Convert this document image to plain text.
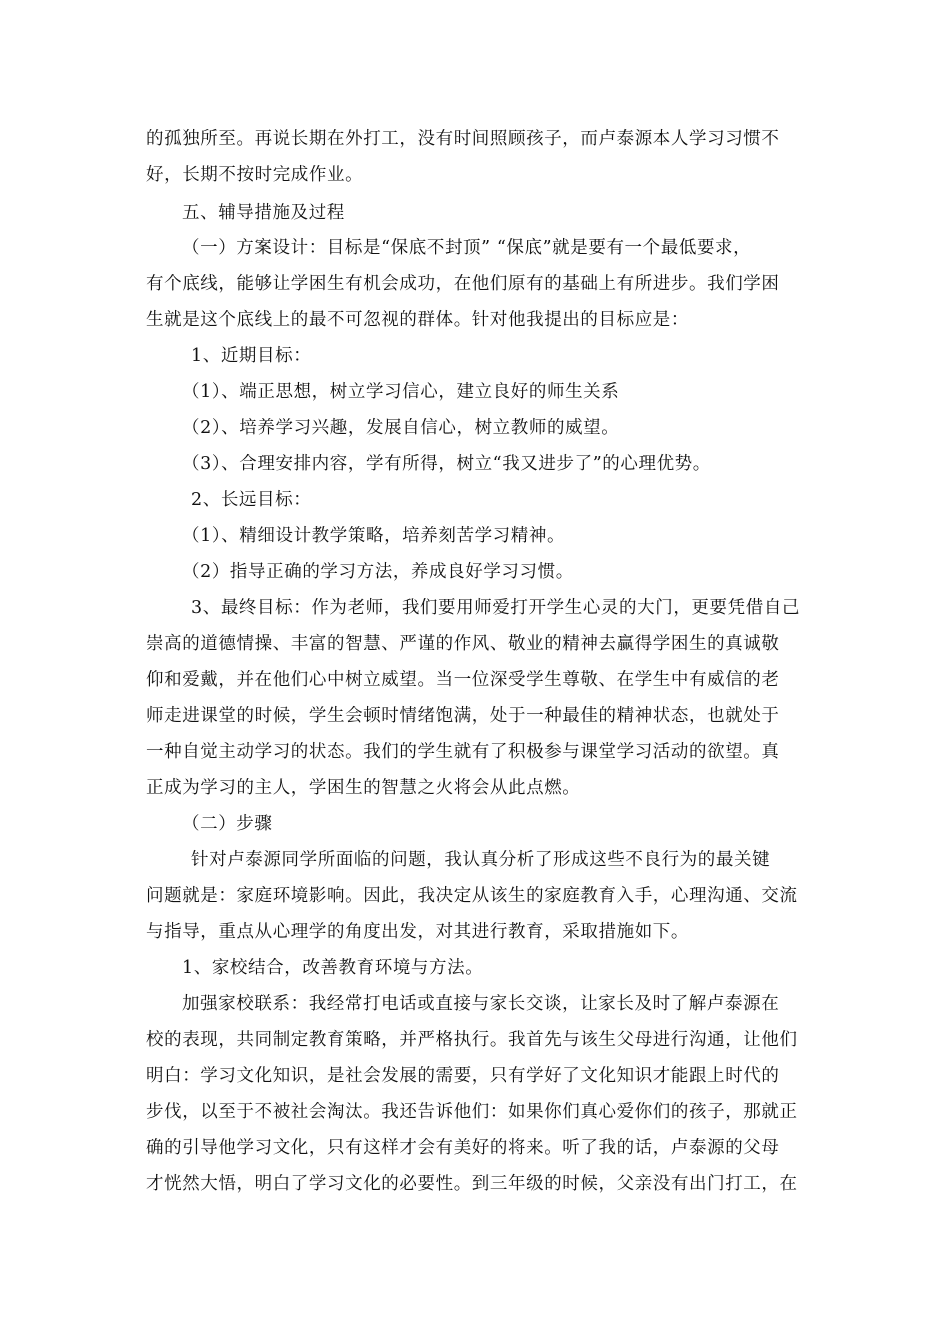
的孤独所至。再说长期在外打工，没有时间照顾孩子，而卢泰源本人学习习惯不
好，长期不按时完成作业。
五、辅导措施及过程
（一）方案设计：目标是“保底不封顶” “保底”就是要有一个最低要求，
有个底线，能够让学困生有机会成功，在他们原有的基础上有所进步。我们学困
生就是这个底线上的最不可忽视的群体。针对他我提出的目标应是：
1、近期目标：
（1）、端正思想，树立学习信心，建立良好的师生关系
（2）、培养学习兴趣，发展自信心，树立教师的威望。
（3）、合理安排内容，学有所得，树立“我又进步了”的心理优势。
2、长远目标：
（1）、精细设计教学策略，培养刻苦学习精神。
（2）指导正确的学习方法，养成良好学习习惯。
3、最终目标：作为老师，我们要用师爱打开学生心灵的大门，更要凭借自己
崇高的道德情操、丰富的智慧、严谨的作风、敬业的精神去赢得学困生的真诚敬
仰和爱戴，并在他们心中树立威望。当一位深受学生尊敬、在学生中有威信的老
师走进课堂的时候，学生会顿时情绪饱满，处于一种最佳的精神状态，也就处于
一种自觉主动学习的状态。我们的学生就有了积极参与课堂学习活动的欲望。真
正成为学习的主人，学困生的智慧之火将会从此点燃。
（二）步骤
针对卢泰源同学所面临的问题，我认真分析了形成这些不良行为的最关键
问题就是：家庭环境影响。因此，我决定从该生的家庭教育入手，心理沟通、交流
与指导，重点从心理学的角度出发，对其进行教育，采取措施如下。
1、家校结合，改善教育环境与方法。
加强家校联系：我经常打电话或直接与家长交谈，让家长及时了解卢泰源在
校的表现，共同制定教育策略，并严格执行。我首先与该生父母进行沟通，让他们
明白：学习文化知识，是社会发展的需要，只有学好了文化知识才能跟上时代的
步伐，以至于不被社会淘汰。我还告诉他们：如果你们真心爱你们的孩子，那就正
确的引导他学习文化，只有这样才会有美好的将来。听了我的话，卢泰源的父母
才恍然大悟，明白了学习文化的必要性。到三年级的时候，父亲没有出门打工，在
